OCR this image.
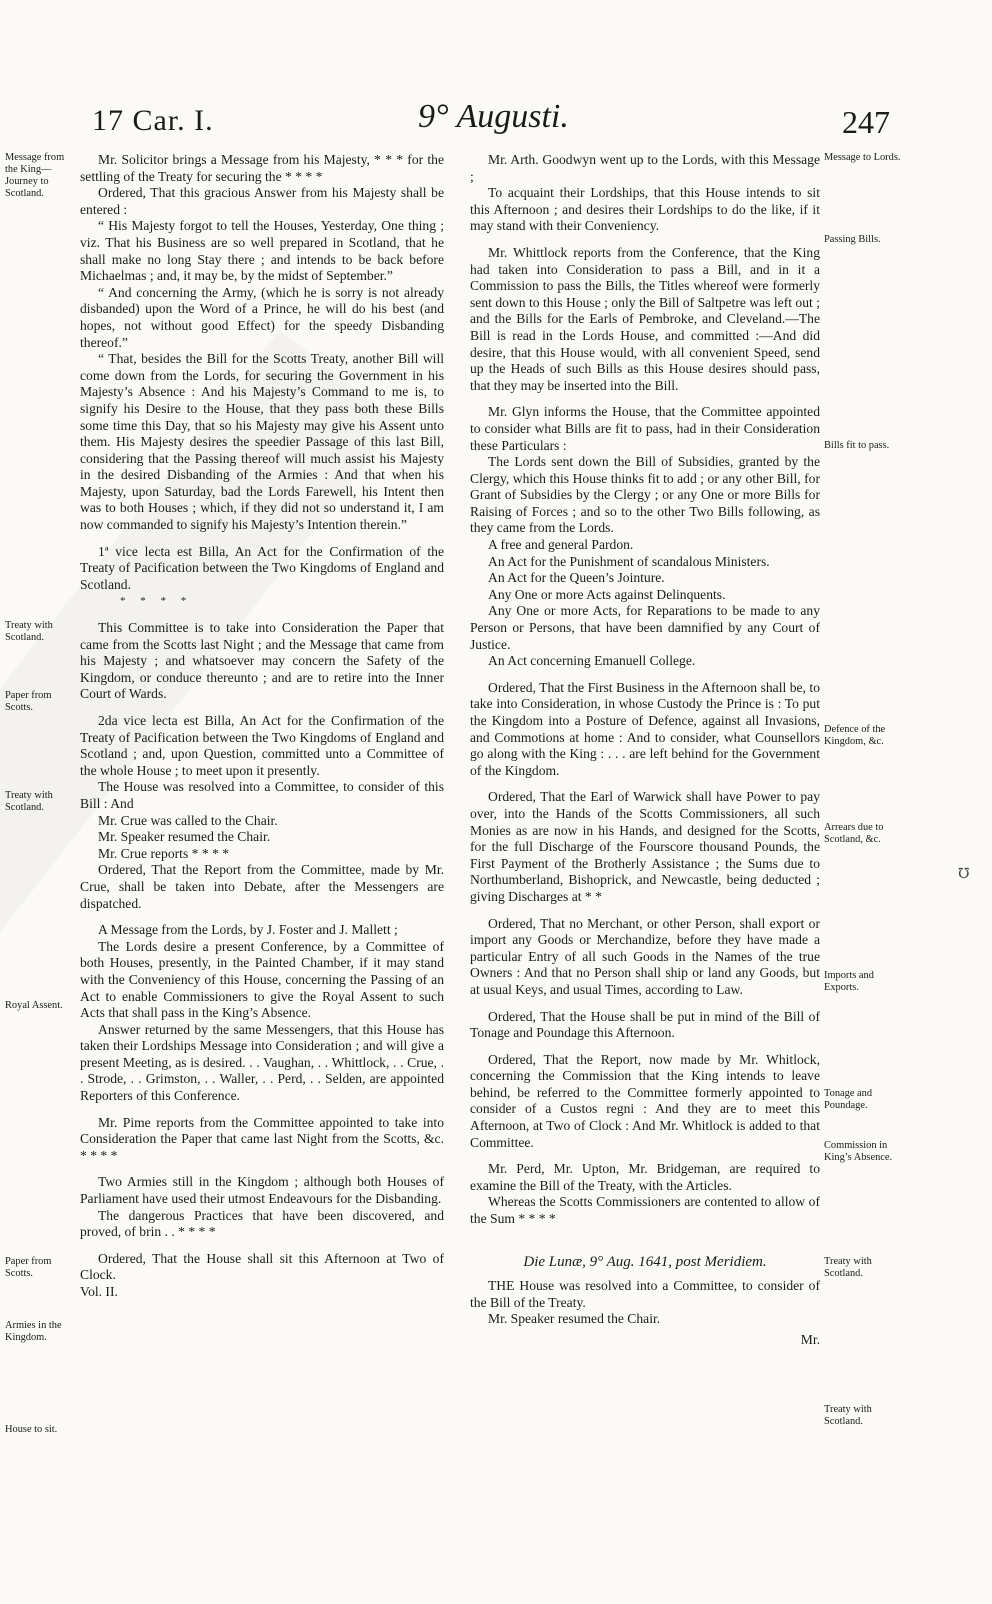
17 Car. I.	9° Augusti.	247

Mr. Solicitor brings a Message from his Majesty, * * * for the settling of the Treaty for securing the * * * *

Ordered, That this gracious Answer from his Majesty shall be entered :

“ His Majesty forgot to tell the Houses, Yesterday, One thing ; viz. That his Business are so well prepared in Scotland, that he shall make no long Stay there ; and intends to be back before Michaelmas ; and, it may be, by the midst of September.”

“ And concerning the Army, (which he is sorry is not already disbanded) upon the Word of a Prince, he will do his best (and hopes, not without good Effect) for the speedy Disbanding thereof.”

“ That, besides the Bill for the Scotts Treaty, another Bill will come down from the Lords, for securing the Government in his Majesty’s Absence : And his Majesty’s Command to me is, to signify his Desire to the House, that they pass both these Bills some time this Day, that so his Majesty may give his Assent unto them. His Majesty desires the speedier Passage of this last Bill, considering that the Passing thereof will much assist his Majesty in the desired Disbanding of the Armies : And that when his Majesty, upon Saturday, bad the Lords Farewell, his Intent then was to both Houses ; which, if they did not so understand it, I am now commanded to signify his Majesty’s Intention therein.”

1ª vice lecta est Billa, An Act for the Confirmation of the Treaty of Pacification between the Two Kingdoms of England and Scotland.

* * * *

This Committee is to take into Consideration the Paper that came from the Scotts last Night ; and the Message that came from his Majesty ; and whatsoever may concern the Safety of the Kingdom, or conduce thereunto ; and are to retire into the Inner Court of Wards.

2da vice lecta est Billa, An Act for the Confirmation of the Treaty of Pacification between the Two Kingdoms of England and Scotland ; and, upon Question, committed unto a Committee of the whole House ; to meet upon it presently.

The House was resolved into a Committee, to consider of this Bill : And

Mr. Crue was called to the Chair.

Mr. Speaker resumed the Chair.

Mr. Crue reports * * * *

Ordered, That the Report from the Committee, made by Mr. Crue, shall be taken into Debate, after the Messengers are dispatched.

A Message from the Lords, by J. Foster and J. Mallett ;

The Lords desire a present Conference, by a Committee of both Houses, presently, in the Painted Chamber, if it may stand with the Conveniency of this House, concerning the Passing of an Act to enable Commissioners to give the Royal Assent to such Acts that shall pass in the King’s Absence.

Answer returned by the same Messengers, that this House has taken their Lordships Message into Consideration ; and will give a present Meeting, as is desired. . . Vaughan, . . Whittlock, . . Crue, . . Strode, . . Grimston, . . Waller, . . Perd, . . Selden, are appointed Reporters of this Conference.

Mr. Pime reports from the Committee appointed to take into Consideration the Paper that came last Night from the Scotts, &c. * * * *

Two Armies still in the Kingdom ; although both Houses of Parliament have used their utmost Endeavours for the Disbanding.

The dangerous Practices that have been discovered, and proved, of brin . . * * * *

Ordered, That the House shall sit this Afternoon at Two of Clock.

Vol. II.

Mr. Arth. Goodwyn went up to the Lords, with this Message ;

To acquaint their Lordships, that this House intends to sit this Afternoon ; and desires their Lordships to do the like, if it may stand with their Conveniency.

Mr. Whittlock reports from the Conference, that the King had taken into Consideration to pass a Bill, and in it a Commission to pass the Bills, the Titles whereof were formerly sent down to this House ; only the Bill of Saltpetre was left out ; and the Bills for the Earls of Pembroke, and Cleveland.—The Bill is read in the Lords House, and committed :—And did desire, that this House would, with all convenient Speed, send up the Heads of such Bills as this House desires should pass, that they may be inserted into the Bill.

Mr. Glyn informs the House, that the Committee appointed to consider what Bills are fit to pass, had in their Consideration these Particulars :

The Lords sent down the Bill of Subsidies, granted by the Clergy, which this House thinks fit to add ; or any other Bill, for Grant of Subsidies by the Clergy ; or any One or more Bills for Raising of Forces ; and so to the other Two Bills following, as they came from the Lords.

A free and general Pardon.

An Act for the Punishment of scandalous Ministers.

An Act for the Queen’s Jointure.

Any One or more Acts against Delinquents.

Any One or more Acts, for Reparations to be made to any Person or Persons, that have been damnified by any Court of Justice.

An Act concerning Emanuell College.

Ordered, That the First Business in the Afternoon shall be, to take into Consideration, in whose Custody the Prince is : To put the Kingdom into a Posture of Defence, against all Invasions, and Commotions at home : And to consider, what Counsellors go along with the King : . . . are left behind for the Government of the Kingdom.

Ordered, That the Earl of Warwick shall have Power to pay over, into the Hands of the Scotts Commissioners, all such Monies as are now in his Hands, and designed for the Scotts, for the full Discharge of the Fourscore thousand Pounds, the First Payment of the Brotherly Assistance ; the Sums due to Northumberland, Bishoprick, and Newcastle, being deducted ; giving Discharges at * *

Ordered, That no Merchant, or other Person, shall export or import any Goods or Merchandize, before they have made a particular Entry of all such Goods in the Names of the true Owners : And that no Person shall ship or land any Goods, but at usual Keys, and usual Times, according to Law.

Ordered, That the House shall be put in mind of the Bill of Tonage and Poundage this Afternoon.

Ordered, That the Report, now made by Mr. Whitlock, concerning the Commission that the King intends to leave behind, be referred to the Committee formerly appointed to consider of a Custos regni : And they are to meet this Afternoon, at Two of Clock : And Mr. Whitlock is added to that Committee.

Mr. Perd, Mr. Upton, Mr. Bridgeman, are required to examine the Bill of the Treaty, with the Articles.

Whereas the Scotts Commissioners are contented to allow of the Sum * * * *

Die Lunæ, 9° Aug. 1641, post Meridiem.

THE House was resolved into a Committee, to consider of the Bill of the Treaty.

Mr. Speaker resumed the Chair.

Mr.

Message from the King—Journey to Scotland.
Treaty with Scotland.
Paper from Scotts.
Treaty with Scotland.
Royal Assent.
Paper from Scotts.
Armies in the Kingdom.
House to sit.
Message to Lords.
Passing Bills.
Bills fit to pass.
Defence of the Kingdom, &c.
Arrears due to Scotland, &c.
Imports and Exports.
Tonage and Poundage.
Commission in King’s Absence.
Treaty with Scotland.
Treaty with Scotland.
℧
